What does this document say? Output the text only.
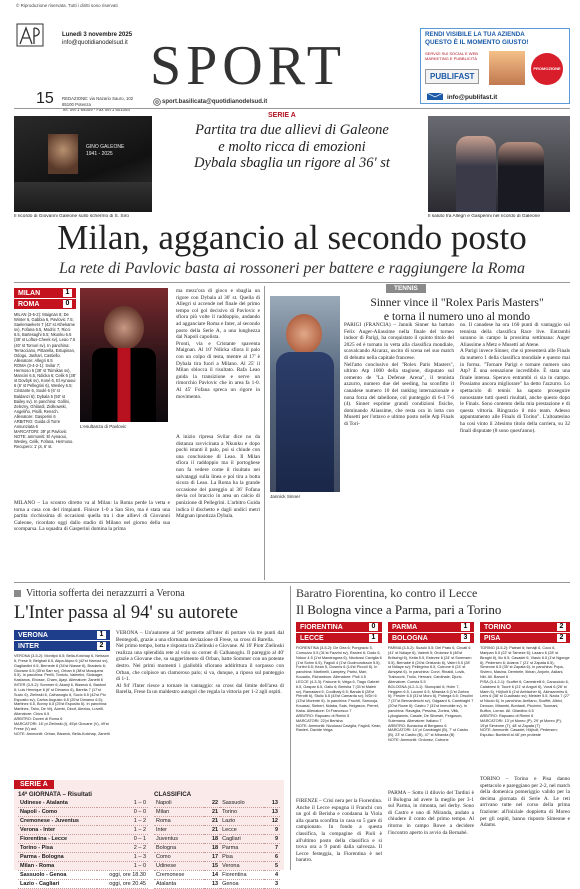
© Riproduzione riservata. Tutti i diritti sono riservati
Lunedì 3 novembre 2025
info@quotidianodelsud.it SPORT
15 REDAZIONE: via Nazario Sauro, 102
85100 Potenza
Tel. 0971 69309 - Fax 0971 601064
sport.basilicata@quotidianodelsud.it
RENDI VISIBILE LA TUA AZIENDA
QUESTO È IL MOMENTO GIUSTO!
SERVIZI SUI SOCIAL E WEB
MARKETING E PUBBLICITÀ
PUBLIFAST
PROMOZIONE
info@publifast.it
GINO GALEONE
1941 - 2025
Il ricordo di Giovanni Galeone sullo schermo di S. Siro
SERIE A
Partita tra due allievi di Galeone
e molto ricca di emozioni
Dybala sbaglia un rigore al 36' st
Il saluto fra Allegri e Gasperini nel ricordo di Galeone
Milan, aggancio al secondo posto
La rete di Pavlovic basta ai rossoneri per battere e raggiungere la Roma
MILAN	1
ROMA	0
MILAN (3-5-2): Maignan 8; De Winter 6, Gabbia 6, Pavlovic 7.5; Saelemaekers 7 (42' st Athekame sv), Fofana 6.5, Modric 7, Ricci 6.5, Bartesaghi 5.5; Nkunku 6.5 (38' st Loftus-Cheek sv), Leao 7.5 (40' st Tomori sv). In panchina: Terracciano, Pittarella, Estupinan, Odogu, Jashari, Castiello. Allenatore: Allegri 6.5
ROMA (3-4-2-1): Svilar 7; Hermoso 6 (38' st Tsimikas sv), Mancini 6.5, Ndicka 6; Celik 6 (38' st Dovbyk sv), Koné 6, El Aynaoui 6 (6' st Pellegrini 6), Wesley 6.5; Cristante 6, Soulé 6 (6' st Baldanzi 6); Dybala 5 (50' st Bailey sv). In panchina: Gollini, Zelezny, Ghilardi, Ziolkowski, Angeliño, Pisilli, Rensch. Allenatore: Gasperini 6
ARBITRO: Guida di Torre Annunziata 6
MARCATORI: 39' pt Pavlovic
NOTE: ammoniti: El Aynaoui, Wesley, Celik, Fofana, Hermoso. Recupero: 1' pt, 6' st.
L'esultanza di Pavlovic
MILANO – Lo scontro diretto va al Milan: la Roma perde la vetta e torna a casa con del rimpianti. Finisce 1-0 a San Siro, ma è stata una partita ricchissima di occasioni quella tra i due allievi di Giovanni Galeone, ricordato oggi dallo stadio di Milano nel giorno della sua scomparsa. La squadra di Gasperini domina la prima
ma mezz'ora di gioco e sbaglia un rigore con Dybala al 36' st. Quella di Allegri si accende nel finale del primo tempo col gol decisivo di Pavlovic e sfiora più volte il raddoppio, andando ad agganciare Roma e Inter, al secondo posto della Serie A, a una lunghezza dal Napoli capolista.
Pronti, via e Cristante spaventa Maignan. Al 10' Ndicka sfiora il palo con un colpo di testa, mentre al 17' è Dybala tira fuori a Milano. Al 25' il Milan sblocca il risultato. Rafa Leao guida la transizione e serve un rimorchio Pavlovic che in area fa 1-0. Al 45' Fofana spreca un rigore in movimento.
A inizio ripresa Svilar dice no da distanza ravvicinata a Nkunku e dopo pochi istanti il palo, poi si chiude con una conclusione di Leao. Il Milan sfiora il raddoppio ma il portoghese non fa vedere come il risultato nei salvataggi sulla linea e poi tira a botta sicura di Leao. La Roma ha la grande occasione del pareggio al 36' Fofana devia col braccio in area un calcio di punizione di Pellegrini. L'arbitro Guida indica il dischetto e dagli undici metri Maignan ipnotizza Dybala.
TENNIS
Sinner vince il "Rolex Paris Masters"
e torna il numero uno al mondo
Jannick Sinner
PARIGI (FRANCIA) – Jannik Sinner ha battuto Felix Auger-Aliassime nella finale del torneo indoor di Parigi, ha conquistato il quinto titolo del 2025 ed è tornato in vetta alla classifica mondiale, scavalcando Alcaraz, uscito di scena nel suo match di debutto nella capitale francese.
Nell'atto conclusivo del "Rolex Paris Masters", ultimo Atp 1000 della stagione, disputato sul cemento de "La Defense Arena", il tennista azzurro, numero due del seeding, ha sconfitto il canadese numero 10 del ranking internazionale e nona forza del tabellone, col punteggio di 6-4 7-6 (4). Sinner esprime grandi condizioni fisiche, dominando Aliassime, che resta ora in lotta con Musetti per l'ottavo e ultimo posto nelle Atp Finals di Tori-
no. Il canadese ha ora 160 punti di vantaggio sul tennista della classifica Race live. Entrambi saranno in campo la prossima settimana: Auger Aliassime a Metz e Musetti ad Atene.
A Parigi invece Sinner, che si presenterà alle Finals da numero 1 della classifica mondiale e questo mai in forma. "Tornare Parigi e tornare numero uno Atp? È una sensazione incredibile. È stata una finale intensa. Speravo entrambi ci sia in campo. Possiamo ancora migliorare" ha detto l'azzurro. Lo spettacolo di tennis ha saputo proseguire nonostante tutti questi risultati, anche questo dopo le Finals. Sono contento della mia prestazione e di questa vittoria. Ringrazio il mio team. Adesso appuntamento alle Finals di Torino". L'altoatesino ha così vinto il 24esimo titolo della carriera, su 32 finali disputate (8 sono quest'anno).
Vittoria sofferta dei nerazzurri a Verona
L'Inter passa al 94' su autorete
VERONA	1
INTER	2
VERONA (3-5-2): Montipò 6.5; Bella-Kotchap 6, Nelsson 6, Frese 5; Belghali 6.5, Akpa Akpro 6 (42'st Harroui sv), Gagliardini 6.5, Bernede 6 (34'st Niasse 6), Bradaric 6; Giovane 6.5 (35'st Sarr sv), Orban 6 (38'st Mosquera 5.5). In panchina: Perilli, Toniolo, Valentini, Slotsager, Kastanos, Ebosse, Cham, Ajayi. Allenatore: Zanetti 6
INTER (3-5-2): Sommer 6; Akanji 6, Bisseck 6, Bastoni 6; Luis Henrique 6 (6' st Dimarco 6), Barella 7 (17'st Sucic 6), Zielinski 6, Calhanoglu 6, Sucic 6.5 (42'st Pio Esposito sv); Carlos Augusto 6.5 (20'st Dimarco 6.5); Martinez 6.5, Bonny 6.5 (25'st Esposito 6). In panchina: Martinez, Taho, De Vrij, Acerbi, Diouf, Alexiou, Luvelli. Allenatore: Chivu 6.5
ARBITRO: Doveri di Roma 6
MARCATORI: 16' pt Zielinski (I), 45'pt Giovane (V), 49'st Frese (V) aut.
NOTE: Ammoniti: Orban, Bisseck, Bella-Kotchap, Zanetti
VERONA – Un'autorete al 94' permette all'Inter di portare via tre punti dal Bentegodi, grazie a una sfortunata deviazione di Frese, su cross di Barella.
Nel primo tempo, botta e risposta tra Zielinski e Giovane. Al 16' Piotr Zielinski realizza una splendida rete al volo su corner di Calhanoglu. Il pareggio al 40' grazie a Giovane che, su suggerimento di Orban, batte Sommer con un potente destro. Nei primi momenti i gialloblù sfiorano addirittura il sorpasso con Orban, che colpisce un clamoroso palo; si va, dunque, a riposo sul punteggio di 1-1.
Al 94' l'Inter riesce a tornare in vantaggio: su cross dal limite dell'area di Barella, Frese fa un maldestro autogol che regala la vittoria per 1-2 agli ospiti.
SERIE A
14ª GIORNATA – Risultati
Udinese - Atalanta	1 – 0
Napoli - Como	0 – 0
Cremonese - Juventus	1 – 2
Verona - Inter	1 – 2
Fiorentina - Lecce	0 – 1
Torino - Pisa	2 – 2
Parma - Bologna	1 – 3
Milan - Roma	1 – 0
Sassuolo - Genoa	oggi, ore 18.30
Lazio - Cagliari	oggi, ore 20.45
CLASSIFICA
Napoli	22	Sassuolo	13
Milan	21	Torino	13
Roma	21	Lazio	12
Inter	21	Lecce	9
Juventus	18	Cagliari	9
Bologna	18	Parma	7
Como	17	Pisa	6
Udinese	15	Verona	5
Cremonese	14	Fiorentina	4
Atalanta	13	Genoa	3
Baratro Fiorentina, ko contro il Lecce
Il Bologna vince a Parma, pari a Torino
FIORENTINA	0
LECCE	1
FIORENTINA (3-5-2): De Gea 6; Pongracic 5, Comuzzo 5.5 (31'st Fazzini sv), Ranieri 6; Dodo 6, Ndour 4.5 (1'st Mandragora 6), Nicolussi Caviglia 6 (1'st Sohm 6.5), Fagioli 4 (1'st Gudmundsson 5.5), Fortini 6.5; Kean 5, Gosens 6 (14'st Piccoli 6). In panchina: Martinelli, Lamptey, Parisi, Marì, Kouadio, Richardson. Allenatore: Pioli 4.5
LECCE (4-3-3): Falcone 6; Veiga 6, Tiago Gabriel 6.5, Gaspar 6.5, Gallo 6; Berisha 7 (31'st Maleh sv), Ramadani 6, Coulibaly 6.5; Banda 6 (28'st Pierotti 6), Stulic 6.5 (43'st Camarda sv), N'Dri 6 (13'st Morente 6). In panchina: Fruchtl, Samooja, Kouassi, Siebert, Ndaba, Sala, Helgason, Pierret, Kaba. Allenatore: Di Francesco 7
ARBITRO: Rapuano di Rimini 5
MARCATORI: 22'pt Berisha
NOTE: Ammoniti: Nicolussi Caviglia, Fagioli, Kean, Ranieri, Davide Veiga
FIRENZE – Crisi nera per la Fiorentina. Anche il Lecce espugna il Franchi con un gol di Berisha e condanna la Viola alla quarta sconfitta in casa su 5 gare di campionato. In fondo a questa classifica, la compagine di Pioli è all'ultimo posto della classifica e si trova ora a 9 punti dalla salvezza. Il Lecce festeggia, la Fiorentina è nel baratro.
PARMA	1
BOLOGNA	3
PARMA (3-5-2): Suzuki 5.5; Del Prato 6, Circati 6 (41' st Ndiaye 6), Valenti 5; Ordonez 6 (46'st Britschgi 6), Keita 5.5, Estevez 6 (24' st Sorensen 5.5), Bernabé 6 (24'st Oristanio 6), Valeri 5.5 (28' st Ndiaye sv); Pellegrino 6.5, Cutrone 6 (24' st Almqvist 6). In panchina: Corvi, Rinaldi, Lovik, Trabucchi, Troilo, Hernani, Cardinale, Djuric. Allenatore: Cuesta 5.5
BOLOGNA (4-2-3-1): Skorupski 6; Holm 7, Heggem 6.5, Lucumí 6.5, Miranda 6 (1'st Zortea 6); Freuler 6.5 (31'st Moro 6), Pobega 6.5; Orsolini 7 (37'st Bernardeschi sv), Odgaard 6, Cambiaghi 7 (20'st Rowe 6); Castro 7 (31'st Immobile sv). In panchina: Ravaglia, Pessina, Zortea, Vitik, Lykogiannis, Casale, De Silvestri, Ferguson, Sulemana. Allenatore: Italiano 7
ARBITRO: Bonacina di Bergamo 6
MARCATORI: 14' pt Cambiaghi (B), 7' st Castro (B), 23' st Castro (B), 47' st Miranda (B)
NOTE: Ammoniti: Ordonez, Cutrone
PARMA – Sotto il diluvio del Tardini è il Bologna ad avere la meglio per 3-1 sul Parma, in rimonta, nel derby. Sono di Castro e uno di Miranda, andato a chiudere il conto del primo tempo. Al ritorno in campo Rowe a decidere l'incontro aperto in avvio da Bernabé.
TORINO	2
PISA	2
TORINO (3-5-2): Paleari 6; Ismajli 6, Coco 6, Maripan 5.5 (22' st Tameze 6); Lazaro 6 (28' st Biraghi 6), Ilic 6.5, Casadei 6, Vlasic 6.5 (1'st Ngonge 6), Pedersen 6; Adams 7 (21' st Zapata 6.5), Simeone 6.5 (35' st Zapata 6). In panchina: Popa, Siviero, Masina, Dembele, Ilkhan, Anjorin, Asllani, Nkt. All. Baroni 6
PISA (3-4-2-1): Scuffet 6; Canestrelli 6, Caracciolo 6, Calabresi 6; Touré 6 (21' st Angori 6), Vural 6 (26' st Marin 6), Höjholt 6 (1'st Aebischer 6), Akinsanmiro 6, Leris 6 (38' st Cuadrado sv); Meister 5.5, Nzola 7 (27' st Nicolo 6). In panchina: Arellano, Scuffet, Albiol, Denoon, Mbambi, Bonfanti, Piccinini, Toumani, Buffon, Lorran. All. Gilardino 6.5
ARBITRO: Rapuano di Rimini 6
MARCATORI: 13' pt Moreo (P), 29' pt Moreo (P), 19'pt Simeone (T), 48' st Zapata (T)
NOTE: Ammoniti: Casadei, Höjholt, Pedersen; Espulso: Bonfanti al 48' per proteste
TORINO – Torino e Pisa danno spettacolo e pareggiano per 2-2, nel match della domenica pomeriggio valido per la decima giornata di Serie A. Le reti arrivano tutte nel corso della prima frazione: all'iniziale doppietta di Moreo per gli ospiti, hanno risposto Simeone e Adams.
